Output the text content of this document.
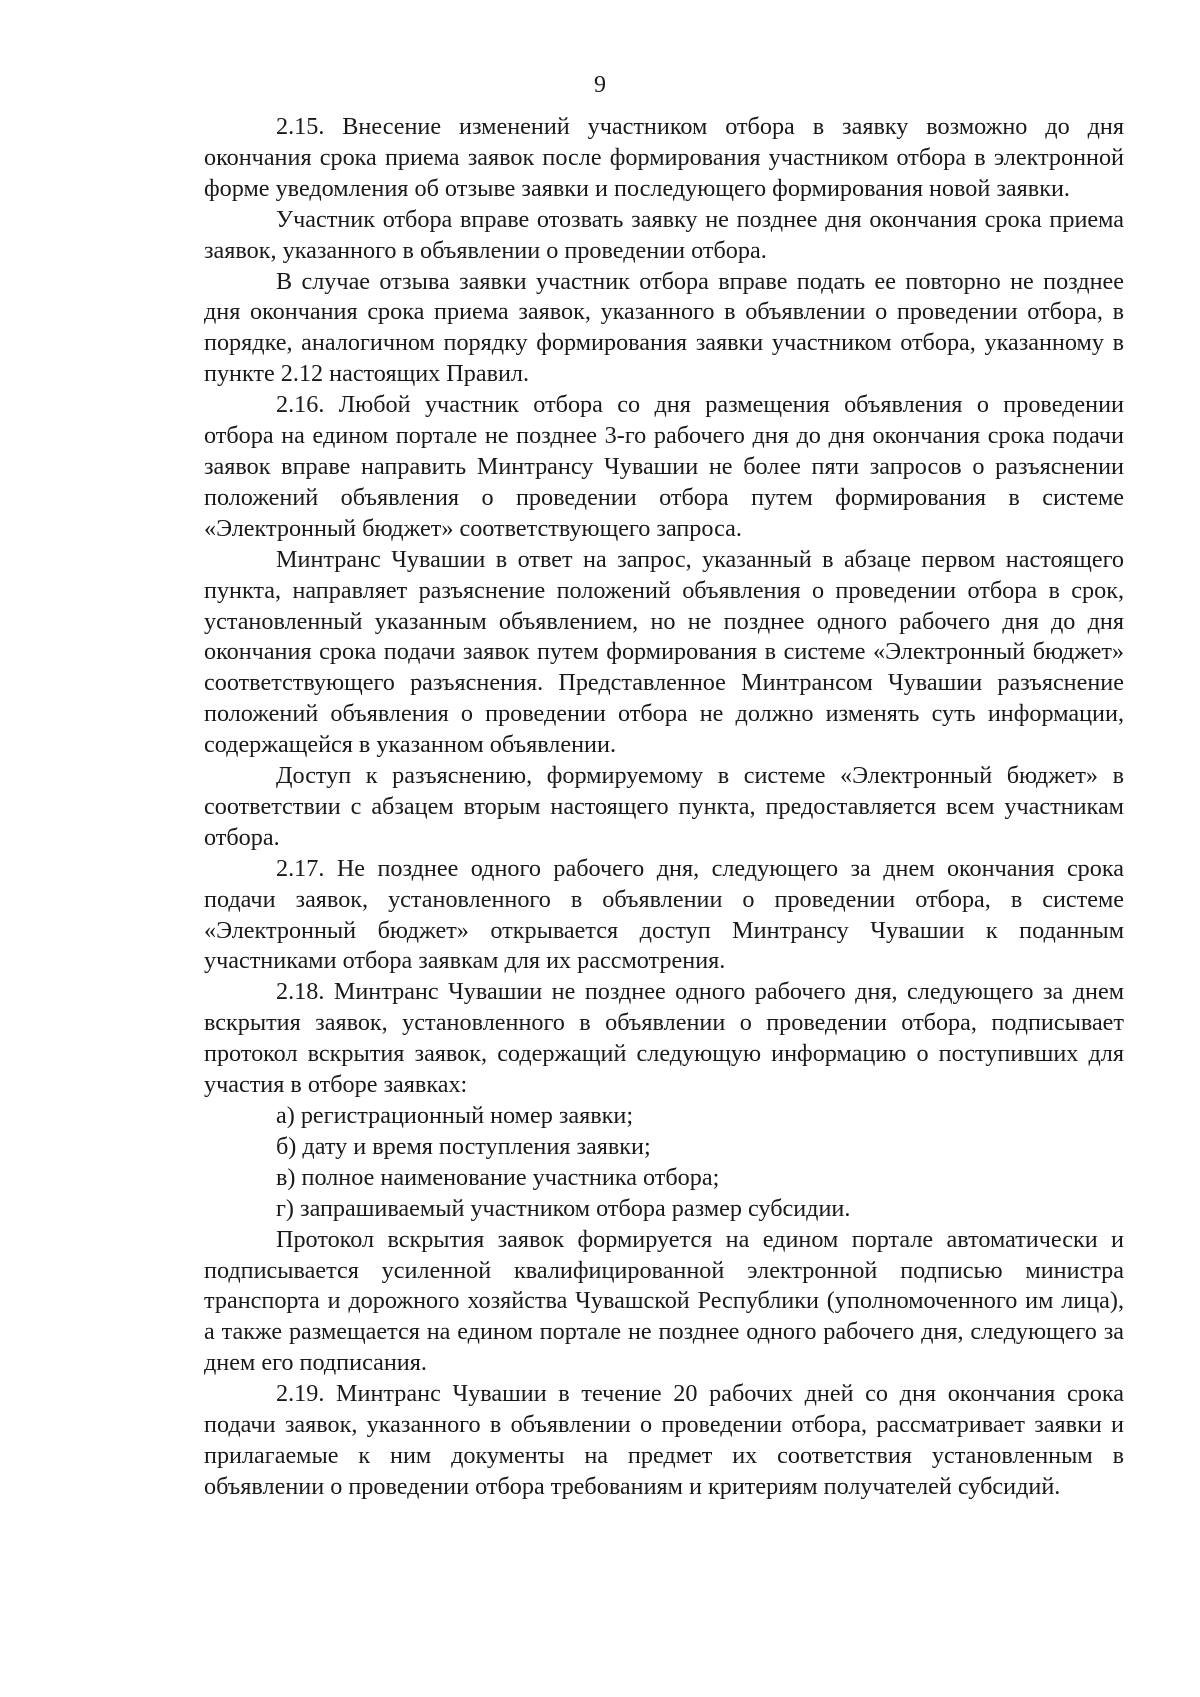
9

2.15. Внесение изменений участником отбора в заявку возможно до дня окончания срока приема заявок после формирования участником отбора в электронной форме уведомления об отзыве заявки и последующего формирования новой заявки.

Участник отбора вправе отозвать заявку не позднее дня окончания срока приема заявок, указанного в объявлении о проведении отбора.

В случае отзыва заявки участник отбора вправе подать ее повторно не позднее дня окончания срока приема заявок, указанного в объявлении о проведении отбора, в порядке, аналогичном порядку формирования заявки участником отбора, указанному в пункте 2.12 настоящих Правил.

2.16. Любой участник отбора со дня размещения объявления о проведении отбора на едином портале не позднее 3-го рабочего дня до дня окончания срока подачи заявок вправе направить Минтрансу Чувашии не более пяти запросов о разъяснении положений объявления о проведении отбора путем формирования в системе «Электронный бюджет» соответствующего запроса.

Минтранс Чувашии в ответ на запрос, указанный в абзаце первом настоящего пункта, направляет разъяснение положений объявления о проведении отбора в срок, установленный указанным объявлением, но не позднее одного рабочего дня до дня окончания срока подачи заявок путем формирования в системе «Электронный бюджет» соответствующего разъяснения. Представленное Минтрансом Чувашии разъяснение положений объявления о проведении отбора не должно изменять суть информации, содержащейся в указанном объявлении.

Доступ к разъяснению, формируемому в системе «Электронный бюджет» в соответствии с абзацем вторым настоящего пункта, предоставляется всем участникам отбора.

2.17. Не позднее одного рабочего дня, следующего за днем окончания срока подачи заявок, установленного в объявлении о проведении отбора, в системе «Электронный бюджет» открывается доступ Минтрансу Чувашии к поданным участниками отбора заявкам для их рассмотрения.

2.18. Минтранс Чувашии не позднее одного рабочего дня, следующего за днем вскрытия заявок, установленного в объявлении о проведении отбора, подписывает протокол вскрытия заявок, содержащий следующую информацию о поступивших для участия в отборе заявках:

а) регистрационный номер заявки;

б) дату и время поступления заявки;

в) полное наименование участника отбора;

г) запрашиваемый участником отбора размер субсидии.

Протокол вскрытия заявок формируется на едином портале автоматически и подписывается усиленной квалифицированной электронной подписью министра транспорта и дорожного хозяйства Чувашской Республики (уполномоченного им лица), а также размещается на едином портале не позднее одного рабочего дня, следующего за днем его подписания.

2.19. Минтранс Чувашии в течение 20 рабочих дней со дня окончания срока подачи заявок, указанного в объявлении о проведении отбора, рассматривает заявки и прилагаемые к ним документы на предмет их соответствия установленным в объявлении о проведении отбора требованиям и критериям получателей субсидий.
